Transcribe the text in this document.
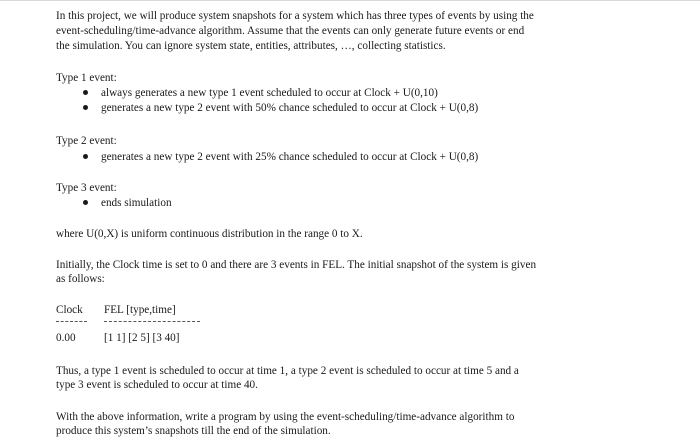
In this project, we will produce system snapshots for a system which has three types of events by using the

event-scheduling/time-advance algorithm. Assume that the events can only generate future events or end

the simulation. You can ignore system state, entities, attributes, …, collecting statistics.

Type 1 event:

always generates a new type 1 event scheduled to occur at Clock + U(0,10)

generates a new type 2 event with 50% chance scheduled to occur at Clock + U(0,8)

Type 2 event:

generates a new type 2 event with 25% chance scheduled to occur at Clock + U(0,8)

Type 3 event:

ends simulation

where U(0,X) is uniform continuous distribution in the range 0 to X.

Initially, the Clock time is set to 0 and there are 3 events in FEL. The initial snapshot of the system is given

as follows:

Clock FEL [type,time]

0.00	[1 1] [2 5] [3 40]

Thus, a type 1 event is scheduled to occur at time 1, a type 2 event is scheduled to occur at time 5 and a

type 3 event is scheduled to occur at time 40.

With the above information, write a program by using the event-scheduling/time-advance algorithm to

produce this system’s snapshots till the end of the simulation.
